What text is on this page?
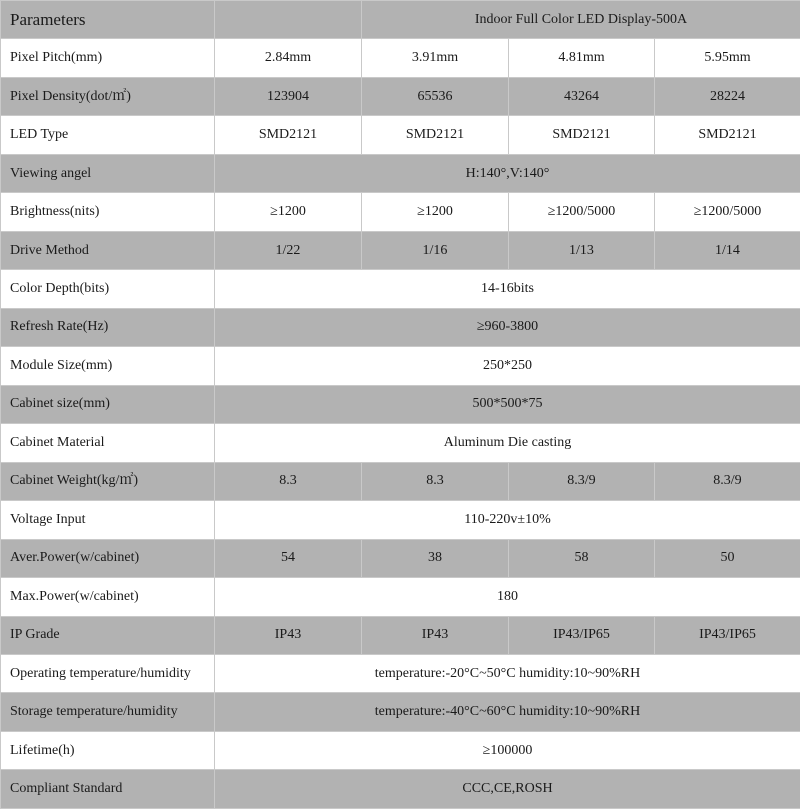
Parameters		Indoor Full Color LED Display-500A		
Pixel Pitch(mm)	2.84mm	3.91mm	4.81mm	5.95mm
Pixel Density(dot/㎡)	123904	65536	43264	28224
LED Type	SMD2121	SMD2121	SMD2121	SMD2121
Viewing angel	H:140°,V:140°			
Brightness(nits)	≥1200	≥1200	≥1200/5000	≥1200/5000
Drive Method	1/22	1/16	1/13	1/14
Color Depth(bits)	14-16bits			
Refresh Rate(Hz)	≥960-3800			
Module Size(mm)	250*250			
Cabinet size(mm)	500*500*75			
Cabinet Material	Aluminum Die casting			
Cabinet Weight(kg/㎡)	8.3	8.3	8.3/9	8.3/9
Voltage Input	110-220v±10%			
Aver.Power(w/cabinet)	54	38	58	50
Max.Power(w/cabinet)	180			
IP Grade	IP43	IP43	IP43/IP65	IP43/IP65
Operating temperature/humidity	temperature:-20°C~50°C humidity:10~90%RH			
Storage temperature/humidity	temperature:-40°C~60°C humidity:10~90%RH			
Lifetime(h)	≥100000			
Compliant Standard	CCC,CE,ROSH			
